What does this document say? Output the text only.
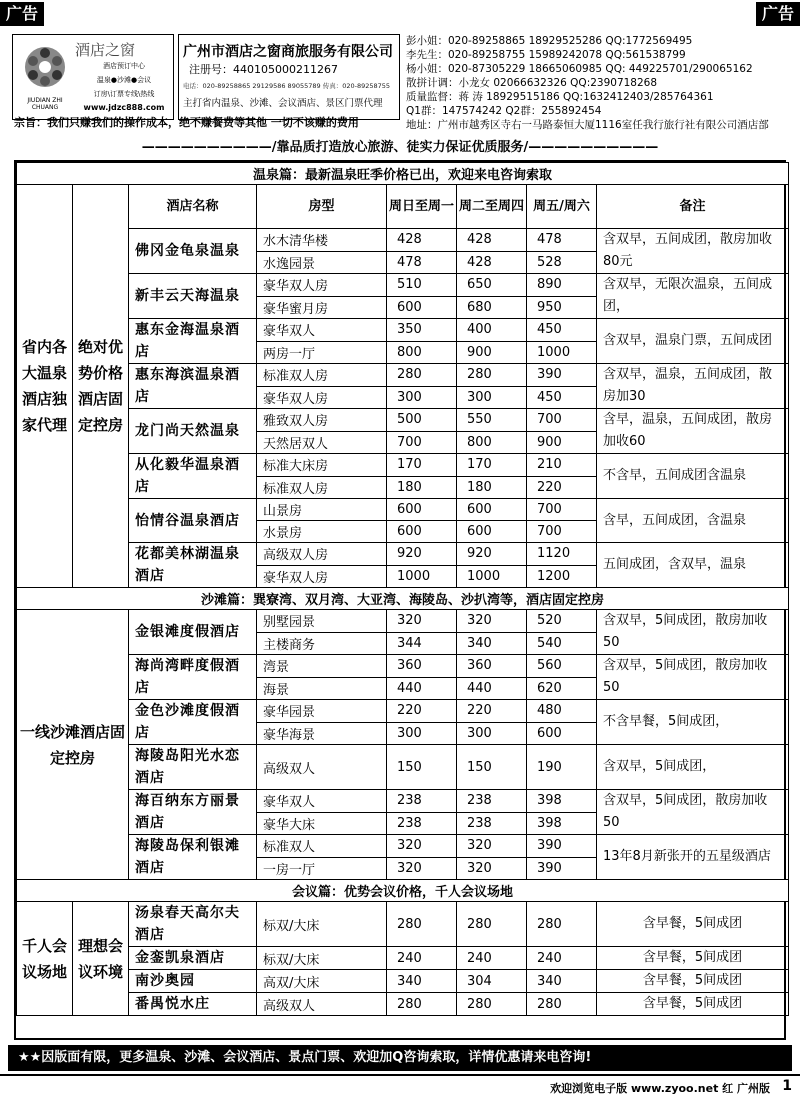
广告	广告
JIUDIAN ZHI CHUANG
酒店之窗
酒店预订中心
温泉●沙滩●会议
订房\订票专线\热线
www.jdzc888.com
广州市酒店之窗商旅服务有限公司
注册号：440105000211267
电话：020-89258865 29129586 89055789 传真：020-89258755
主打省内温泉、沙滩、会议酒店、景区门票代理
彭小姐：020-89258865 18929525286 QQ:1772569495
李先生：020-89258755 15989242078 QQ:561538799
杨小姐：020-87305229 18665060985 QQ: 449225701/290065162
散拼计调：小龙女 02066632326 QQ:2390718268
质量监督：蒋 涛 18929515186 QQ:1632412403/285764361
Q1群：147574242 Q2群：255892454
地址：广州市越秀区寺右一马路泰恒大厦1116室任我行旅行社有限公司酒店部
宗旨：我们只赚我们的操作成本，绝不赚餐费等其他 一切不该赚的费用
——————————/靠品质打造放心旅游、徒实力保证优质服务/——————————
温泉篇：最新温泉旺季价格已出，欢迎来电咨询索取							
省内各大温泉酒店独家代理	绝对优势价格 酒店固定控房	酒店名称	房型	周日至周一	周二至周四	周五/周六	备注
		佛冈金龟泉温泉	水木清华楼	428	428	478	含双早，五间成团，散房加收80元
			水逸园景	478	428	528	
		新丰云天海温泉	豪华双人房	510	650	890	含双早，无限次温泉，五间成团，
			豪华蜜月房	600	680	950	
		惠东金海温泉酒店	豪华双人	350	400	450	含双早，温泉门票，五间成团
			两房一厅	800	900	1000	
		惠东海滨温泉酒店	标准双人房	280	280	390	含双早，温泉，五间成团，散房加30
			豪华双人房	300	300	450	
		龙门尚天然温泉	雅致双人房	500	550	700	含早，温泉，五间成团，散房加收60
			天然居双人	700	800	900	
		从化毅华温泉酒店	标准大床房	170	170	210	不含早，五间成团含温泉
			标准双人房	180	180	220	
		怡情谷温泉酒店	山景房	600	600	700	含早，五间成团，含温泉
			水景房	600	600	700	
		花都美林湖温泉酒店	高级双人房	920	920	1120	五间成团，含双早，温泉
			豪华双人房	1000	1000	1200	
沙滩篇：巽寮湾、双月湾、大亚湾、海陵岛、沙扒湾等，酒店固定控房							
一线沙滩酒店固定控房		金银滩度假酒店	别墅园景	320	320	520	含双早，5间成团，散房加收50
			主楼商务	344	340	540	
		海尚湾畔度假酒店	湾景	360	360	560	含双早，5间成团，散房加收50
			海景	440	440	620	
		金色沙滩度假酒店	豪华园景	220	220	480	不含早餐，5间成团，
			豪华海景	300	300	600	
		海陵岛阳光水恋酒店	高级双人	150	150	190	含双早，5间成团，
		海百纳东方丽景酒店	豪华双人	238	238	398	含双早，5间成团，散房加收50
			豪华大床	238	238	398	
		海陵岛保利银滩酒店	标准双人	320	320	390	13年8月新张开的五星级酒店
			一房一厅	320	320	390	
会议篇：优势会议价格，千人会议场地							
千人会议场地	理想会议环境	汤泉春天高尔夫酒店	标双/大床	280	280	280	含早餐，5间成团
		金銮凯泉酒店	标双/大床	240	240	240	含早餐，5间成团
		南沙奥园	高双/大床	340	304	340	含早餐，5间成团
		番禺悦水庄	高级双人	280	280	280	含早餐，5间成团
★★因版面有限，更多温泉、沙滩、会议酒店、景点门票、欢迎加Q咨询索取，详情优惠请来电咨询!
欢迎浏览电子版 www.zyoo.net 红 广州版 1
